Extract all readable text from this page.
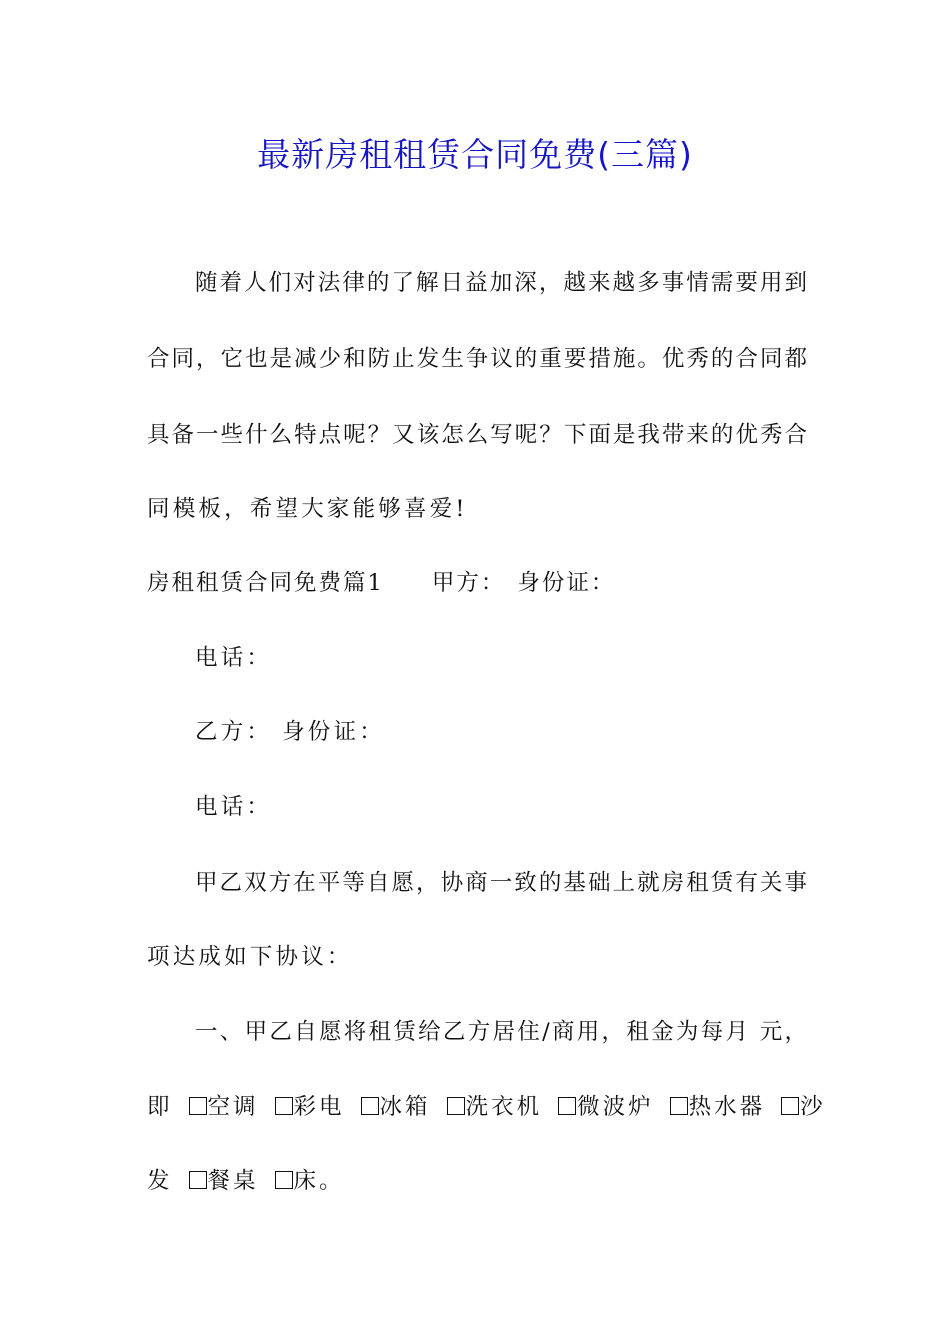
最新房租租赁合同免费(三篇)

随着人们对法律的了解日益加深，越来越多事情需要用到

合同，它也是减少和防止发生争议的重要措施。优秀的合同都

具备一些什么特点呢？又该怎么写呢？下面是我带来的优秀合

同模板，希望大家能够喜爱!

房租租赁合同免费篇1 甲方： 身份证：

电话：

乙方： 身份证：

电话：

甲乙双方在平等自愿，协商一致的基础上就房租赁有关事

项达成如下协议：

一、甲乙自愿将租赁给乙方居住/商用，租金为每月 元，

即 空调 彩电 冰箱 洗衣机 微波炉 热水器 沙

发 餐桌 床。
